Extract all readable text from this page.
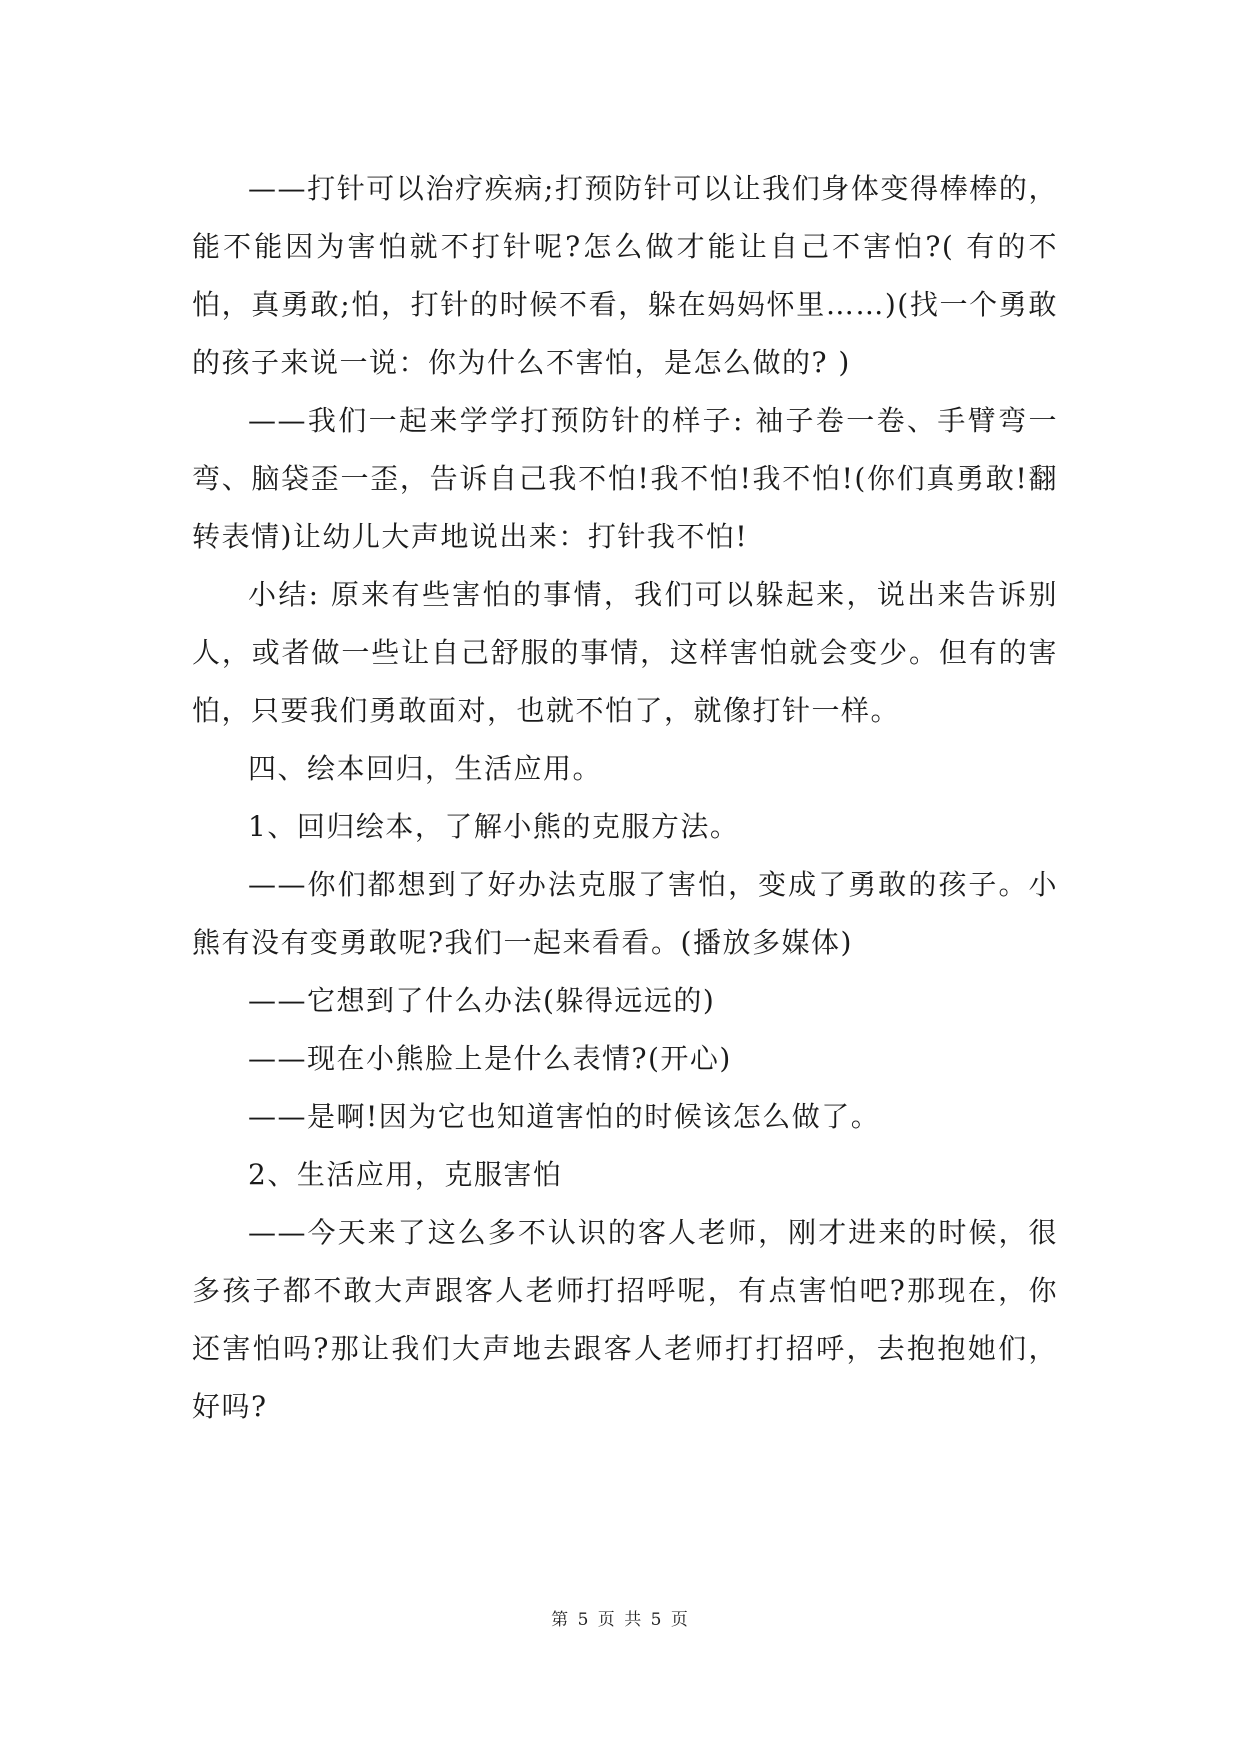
——打针可以治疗疾病;打预防针可以让我们身体变得棒棒的，能不能因为害怕就不打针呢?怎么做才能让自己不害怕?( 有的不怕，真勇敢;怕，打针的时候不看，躲在妈妈怀里……)(找一个勇敢的孩子来说一说：你为什么不害怕，是怎么做的? )

——我们一起来学学打预防针的样子: 袖子卷一卷、手臂弯一弯、脑袋歪一歪，告诉自己我不怕!我不怕!我不怕!(你们真勇敢!翻转表情)让幼儿大声地说出来：打针我不怕!

小结: 原来有些害怕的事情，我们可以躲起来，说出来告诉别人，或者做一些让自己舒服的事情，这样害怕就会变少。但有的害怕，只要我们勇敢面对，也就不怕了，就像打针一样。

四、绘本回归，生活应用。

1、回归绘本，了解小熊的克服方法。

——你们都想到了好办法克服了害怕，变成了勇敢的孩子。小熊有没有变勇敢呢?我们一起来看看。(播放多媒体)

——它想到了什么办法(躲得远远的)

——现在小熊脸上是什么表情?(开心)

——是啊!因为它也知道害怕的时候该怎么做了。

2、生活应用，克服害怕

——今天来了这么多不认识的客人老师，刚才进来的时候，很多孩子都不敢大声跟客人老师打招呼呢，有点害怕吧?那现在，你还害怕吗?那让我们大声地去跟客人老师打打招呼，去抱抱她们，好吗?

第 5 页 共 5 页
